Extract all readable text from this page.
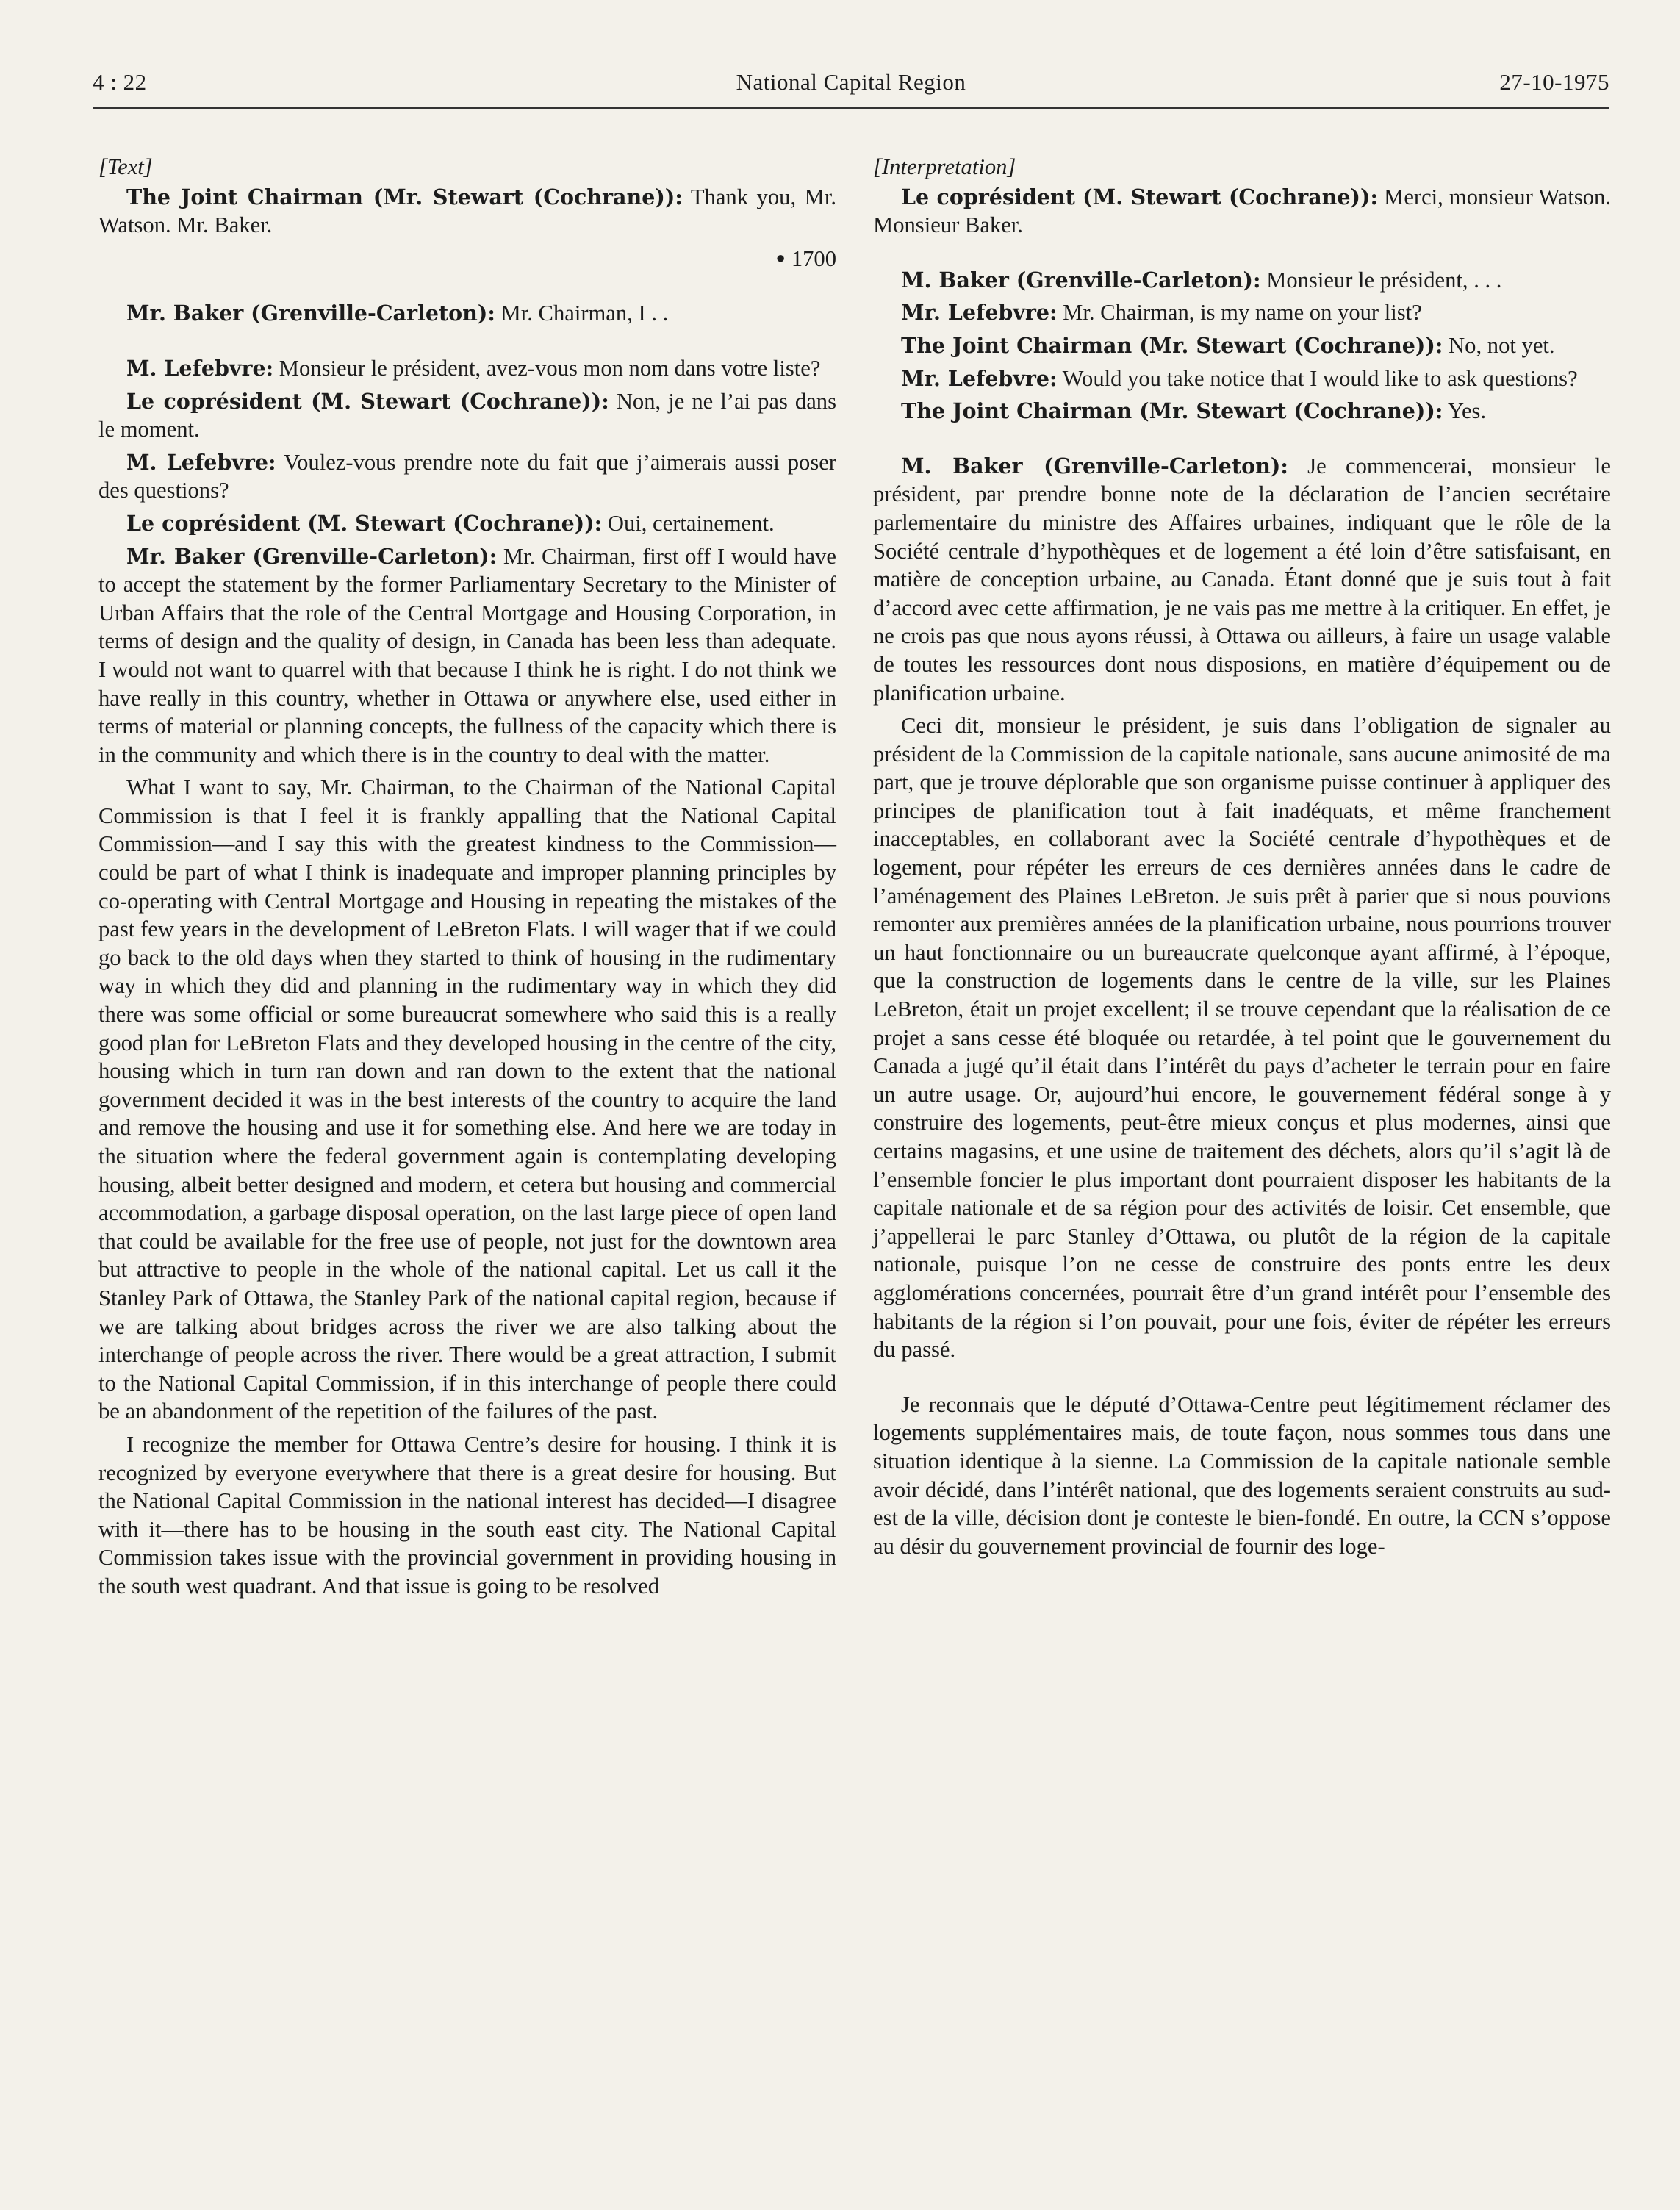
4 : 22	National Capital Region	27-10-1975

[Text]

The Joint Chairman (Mr. Stewart (Cochrane)): Thank you, Mr. Watson. Mr. Baker.

● 1700

Mr. Baker (Grenville-Carleton): Mr. Chairman, I . .

M. Lefebvre: Monsieur le président, avez-vous mon nom dans votre liste?

Le coprésident (M. Stewart (Cochrane)): Non, je ne l’ai pas dans le moment.

M. Lefebvre: Voulez-vous prendre note du fait que j’aimerais aussi poser des questions?

Le coprésident (M. Stewart (Cochrane)): Oui, certainement.

Mr. Baker (Grenville-Carleton): Mr. Chairman, first off I would have to accept the statement by the former Parliamentary Secretary to the Minister of Urban Affairs that the role of the Central Mortgage and Housing Corporation, in terms of design and the quality of design, in Canada has been less than adequate. I would not want to quarrel with that because I think he is right. I do not think we have really in this country, whether in Ottawa or anywhere else, used either in terms of material or planning concepts, the fullness of the capacity which there is in the community and which there is in the country to deal with the matter.

What I want to say, Mr. Chairman, to the Chairman of the National Capital Commission is that I feel it is frankly appalling that the National Capital Commission—and I say this with the greatest kindness to the Commission—could be part of what I think is inadequate and improper planning principles by co-operating with Central Mortgage and Housing in repeating the mistakes of the past few years in the development of LeBreton Flats. I will wager that if we could go back to the old days when they started to think of housing in the rudimentary way in which they did and planning in the rudimentary way in which they did there was some official or some bureaucrat somewhere who said this is a really good plan for LeBreton Flats and they developed housing in the centre of the city, housing which in turn ran down and ran down to the extent that the national government decided it was in the best interests of the country to acquire the land and remove the housing and use it for something else. And here we are today in the situation where the federal government again is contemplating developing housing, albeit better designed and modern, et cetera but housing and commercial accommodation, a garbage disposal operation, on the last large piece of open land that could be available for the free use of people, not just for the downtown area but attractive to people in the whole of the national capital. Let us call it the Stanley Park of Ottawa, the Stanley Park of the national capital region, because if we are talking about bridges across the river we are also talking about the interchange of people across the river. There would be a great attraction, I submit to the National Capital Commission, if in this interchange of people there could be an abandonment of the repetition of the failures of the past.

I recognize the member for Ottawa Centre’s desire for housing. I think it is recognized by everyone everywhere that there is a great desire for housing. But the National Capital Commission in the national interest has decided—I disagree with it—there has to be housing in the south east city. The National Capital Commission takes issue with the provincial government in providing housing in the south west quadrant. And that issue is going to be resolved

[Interpretation]

Le coprésident (M. Stewart (Cochrane)): Merci, monsieur Watson. Monsieur Baker.

M. Baker (Grenville-Carleton): Monsieur le président, . . .

Mr. Lefebvre: Mr. Chairman, is my name on your list?

The Joint Chairman (Mr. Stewart (Cochrane)): No, not yet.

Mr. Lefebvre: Would you take notice that I would like to ask questions?

The Joint Chairman (Mr. Stewart (Cochrane)): Yes.

M. Baker (Grenville-Carleton): Je commencerai, monsieur le président, par prendre bonne note de la déclaration de l’ancien secrétaire parlementaire du ministre des Affaires urbaines, indiquant que le rôle de la Société centrale d’hypothèques et de logement a été loin d’être satisfaisant, en matière de conception urbaine, au Canada. Étant donné que je suis tout à fait d’accord avec cette affirmation, je ne vais pas me mettre à la critiquer. En effet, je ne crois pas que nous ayons réussi, à Ottawa ou ailleurs, à faire un usage valable de toutes les ressources dont nous disposions, en matière d’équipement ou de planification urbaine.

Ceci dit, monsieur le président, je suis dans l’obligation de signaler au président de la Commission de la capitale nationale, sans aucune animosité de ma part, que je trouve déplorable que son organisme puisse continuer à appliquer des principes de planification tout à fait inadéquats, et même franchement inacceptables, en collaborant avec la Société centrale d’hypothèques et de logement, pour répéter les erreurs de ces dernières années dans le cadre de l’aménagement des Plaines LeBreton. Je suis prêt à parier que si nous pouvions remonter aux premières années de la planification urbaine, nous pourrions trouver un haut fonctionnaire ou un bureaucrate quelconque ayant affirmé, à l’époque, que la construction de logements dans le centre de la ville, sur les Plaines LeBreton, était un projet excellent; il se trouve cependant que la réalisation de ce projet a sans cesse été bloquée ou retardée, à tel point que le gouvernement du Canada a jugé qu’il était dans l’intérêt du pays d’acheter le terrain pour en faire un autre usage. Or, aujourd’hui encore, le gouvernement fédéral songe à y construire des logements, peut-être mieux conçus et plus modernes, ainsi que certains magasins, et une usine de traitement des déchets, alors qu’il s’agit là de l’ensemble foncier le plus important dont pourraient disposer les habitants de la capitale nationale et de sa région pour des activités de loisir. Cet ensemble, que j’appellerai le parc Stanley d’Ottawa, ou plutôt de la région de la capitale nationale, puisque l’on ne cesse de construire des ponts entre les deux agglomérations concernées, pourrait être d’un grand intérêt pour l’ensemble des habitants de la région si l’on pouvait, pour une fois, éviter de répéter les erreurs du passé.

Je reconnais que le député d’Ottawa-Centre peut légitimement réclamer des logements supplémentaires mais, de toute façon, nous sommes tous dans une situation identique à la sienne. La Commission de la capitale nationale semble avoir décidé, dans l’intérêt national, que des logements seraient construits au sud-est de la ville, décision dont je conteste le bien-fondé. En outre, la CCN s’oppose au désir du gouvernement provincial de fournir des loge-
